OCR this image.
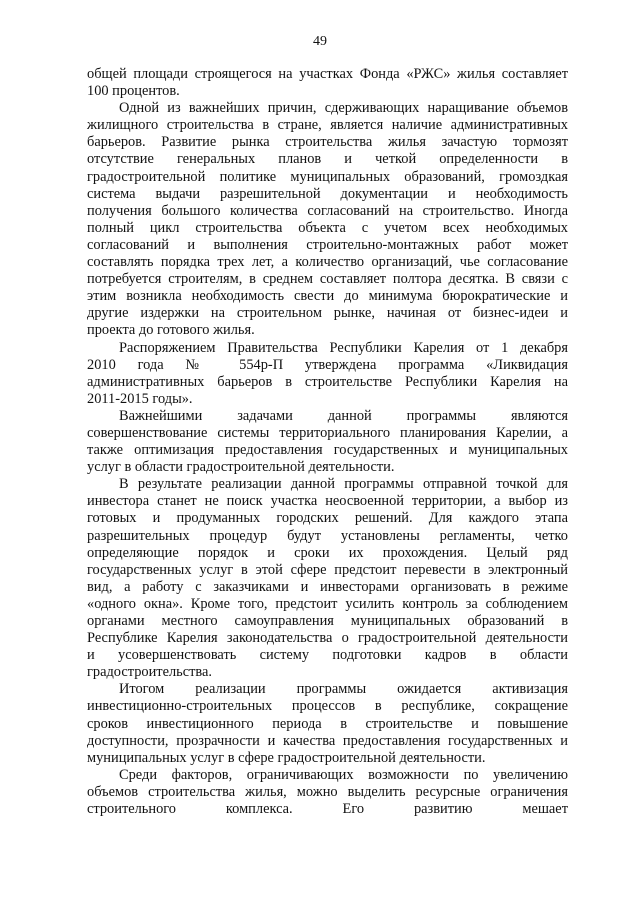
49

общей площади строящегося на участках Фонда «РЖС» жилья составляет
100 процентов.

Одной из важнейших причин, сдерживающих наращивание объемов
жилищного строительства в стране, является наличие административных
барьеров. Развитие рынка строительства жилья зачастую тормозят
отсутствие генеральных планов и четкой определенности в
градостроительной политике муниципальных образований, громоздкая
система выдачи разрешительной документации и необходимость
получения большого количества согласований на строительство. Иногда
полный цикл строительства объекта с учетом всех необходимых
согласований и выполнения строительно-монтажных работ может
составлять порядка трех лет, а количество организаций, чье согласование
потребуется строителям, в среднем составляет полтора десятка. В связи с
этим возникла необходимость свести до минимума бюрократические и
другие издержки на строительном рынке, начиная от бизнес-идеи и
проекта до готового жилья.

Распоряжением Правительства Республики Карелия от 1 декабря
2010 года № 554р-П утверждена программа «Ликвидация
административных барьеров в строительстве Республики Карелия на
2011-2015 годы».

Важнейшими задачами данной программы являются
совершенствование системы территориального планирования Карелии, а
также оптимизация предоставления государственных и муниципальных
услуг в области градостроительной деятельности.

В результате реализации данной программы отправной точкой для
инвестора станет не поиск участка неосвоенной территории, а выбор из
готовых и продуманных городских решений. Для каждого этапа
разрешительных процедур будут установлены регламенты, четко
определяющие порядок и сроки их прохождения. Целый ряд
государственных услуг в этой сфере предстоит перевести в электронный
вид, а работу с заказчиками и инвесторами организовать в режиме
«одного окна». Кроме того, предстоит усилить контроль за соблюдением
органами местного самоуправления муниципальных образований в
Республике Карелия законодательства о градостроительной деятельности
и усовершенствовать систему подготовки кадров в области
градостроительства.

Итогом реализации программы ожидается активизация
инвестиционно-строительных процессов в республике, сокращение
сроков инвестиционного периода в строительстве и повышение
доступности, прозрачности и качества предоставления государственных и
муниципальных услуг в сфере градостроительной деятельности.

Среди факторов, ограничивающих возможности по увеличению
объемов строительства жилья, можно выделить ресурсные ограничения
строительного комплекса. Его развитию мешает
